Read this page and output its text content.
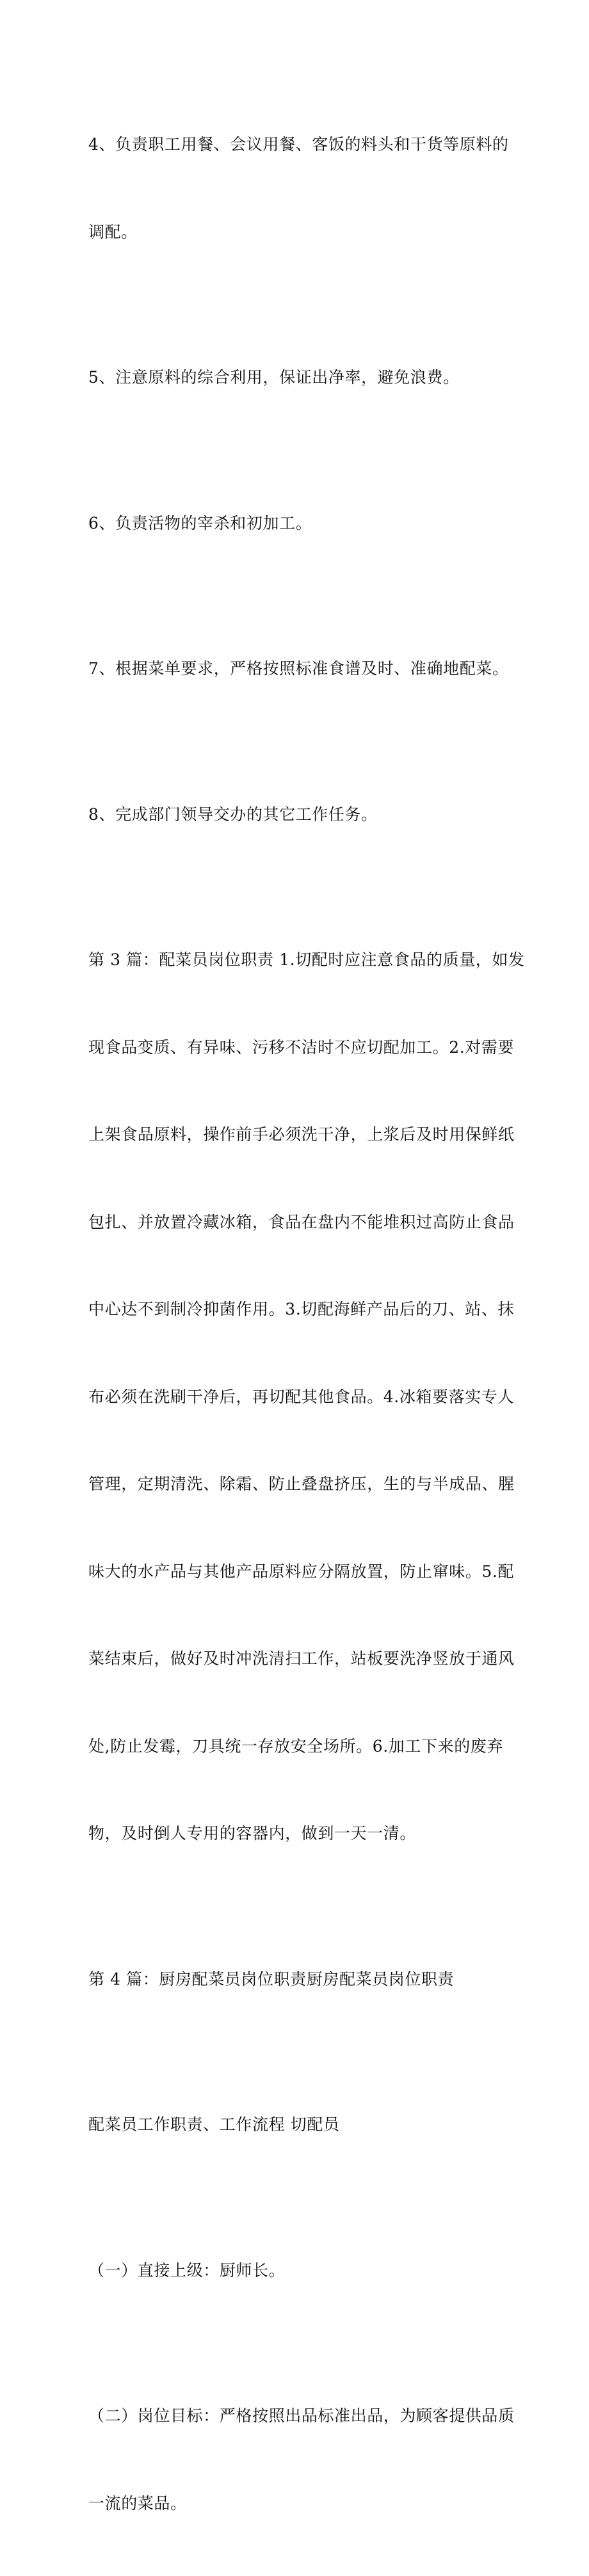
4、负责职工用餐、会议用餐、客饭的料头和干货等原料的

调配。

5、注意原料的综合利用，保证出净率，避免浪费。

6、负责活物的宰杀和初加工。

7、根据菜单要求，严格按照标准食谱及时、准确地配菜。

8、完成部门领导交办的其它工作任务。

第 3 篇：配菜员岗位职责 1.切配时应注意食品的质量，如发

现食品变质、有异味、污移不洁时不应切配加工。2.对需要

上架食品原料，操作前手必须洗干净，上浆后及时用保鲜纸

包扎、并放置冷藏冰箱，食品在盘内不能堆积过高防止食品

中心达不到制冷抑菌作用。3.切配海鲜产品后的刀、站、抹

布必须在洗刷干净后，再切配其他食品。4.冰箱要落实专人

管理，定期清洗、除霜、防止叠盘挤压，生的与半成品、腥

味大的水产品与其他产品原料应分隔放置，防止窜味。5.配

菜结束后，做好及时冲洗清扫工作，站板要洗净竖放于通风

处,防止发霉，刀具统一存放安全场所。6.加工下来的废弃

物，及时倒人专用的容器内，做到一天一清。

第 4 篇：厨房配菜员岗位职责厨房配菜员岗位职责

配菜员工作职责、工作流程 切配员

（一）直接上级：厨师长。

（二）岗位目标：严格按照出品标准出品，为顾客提供品质

一流的菜品。
